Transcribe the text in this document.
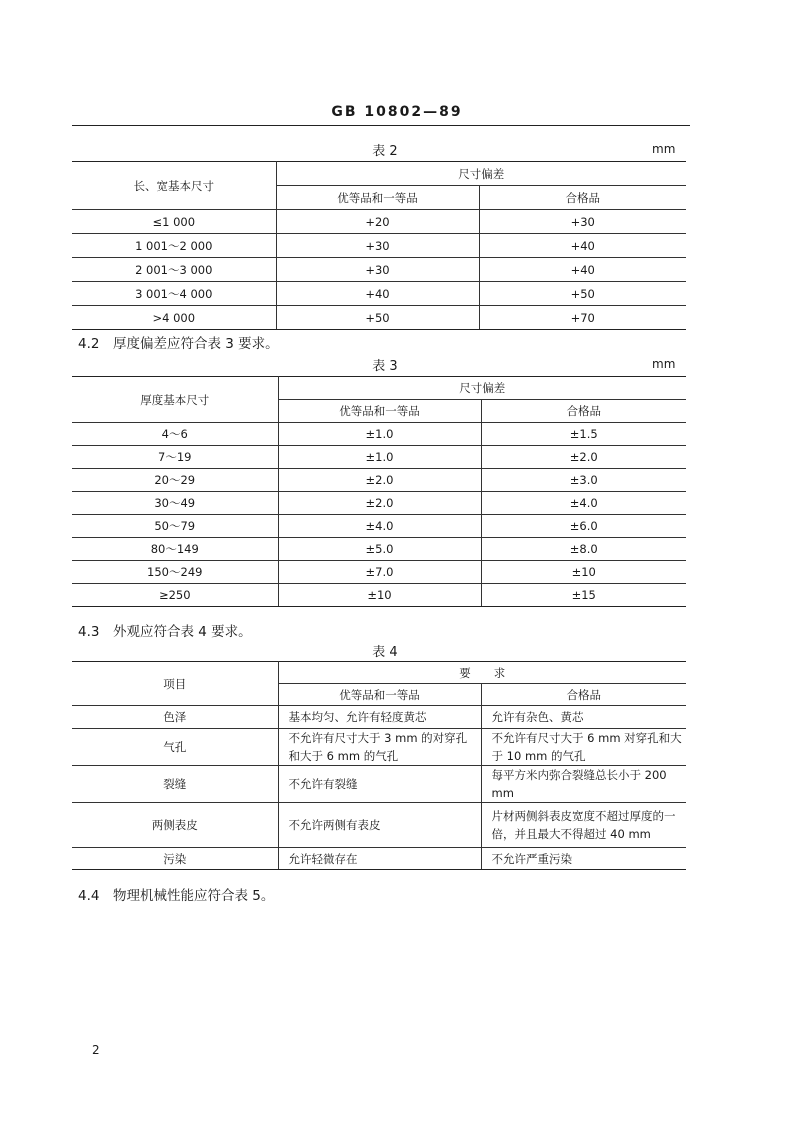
GB 10802—89
表 2	mm
长、宽基本尺寸	尺寸偏差	
	优等品和一等品	合格品
≤1 000	+20	+30
1 001～2 000	+30	+40
2 001～3 000	+30	+40
3 001～4 000	+40	+50
>4 000	+50	+70
4.2　厚度偏差应符合表 3 要求。
表 3	mm
厚度基本尺寸	尺寸偏差	
	优等品和一等品	合格品
4～6	±1.0	±1.5
7～19	±1.0	±2.0
20～29	±2.0	±3.0
30～49	±2.0	±4.0
50～79	±4.0	±6.0
80～149	±5.0	±8.0
150～249	±7.0	±10
≥250	±10	±15
4.3　外观应符合表 4 要求。
表 4
项目	要　　求	
	优等品和一等品	合格品
色泽	基本均匀、允许有轻度黄芯	允许有杂色、黄芯
气孔	不允许有尺寸大于 3 mm 的对穿孔和大于 6 mm 的气孔	不允许有尺寸大于 6 mm 对穿孔和大于 10 mm 的气孔
裂缝	不允许有裂缝	每平方米内弥合裂缝总长小于 200 mm
两侧表皮	不允许两侧有表皮	片材两侧斜表皮宽度不超过厚度的一倍，并且最大不得超过 40 mm
污染	允许轻微存在	不允许严重污染
4.4　物理机械性能应符合表 5。
2
